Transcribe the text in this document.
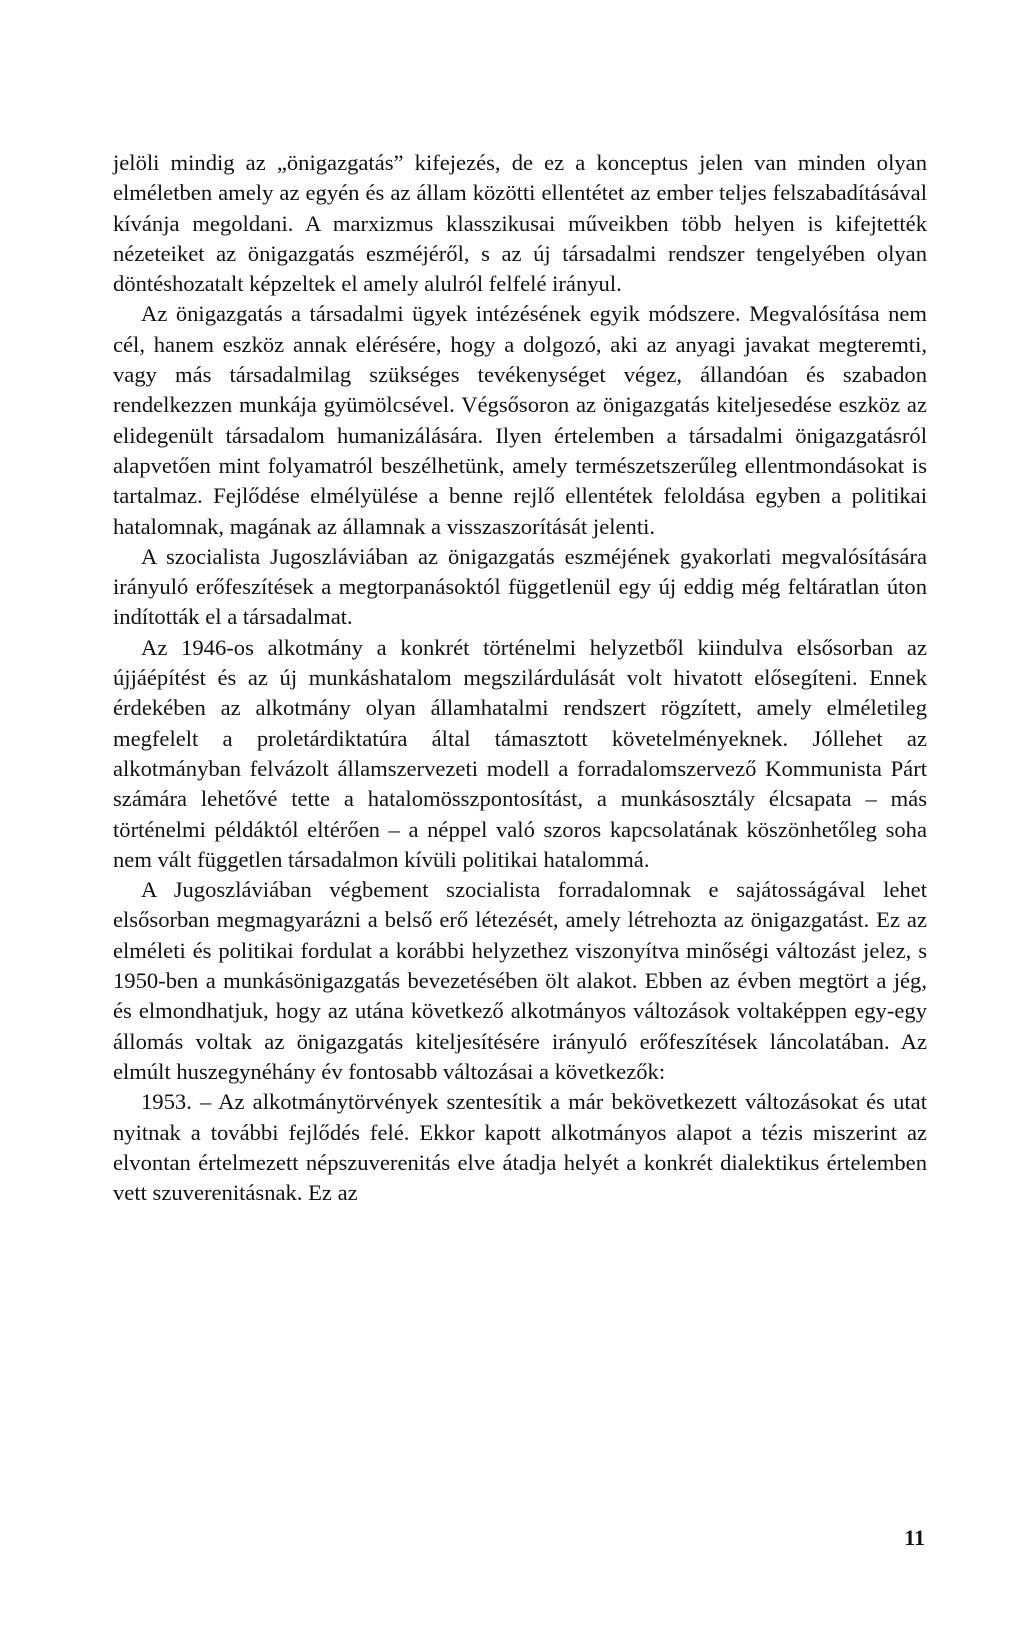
jelöli mindig az „önigazgatás” kifejezés, de ez a konceptus jelen van minden olyan elméletben amely az egyén és az állam közötti ellentétet az ember teljes felszabadításával kívánja megoldani. A marxizmus klasszikusai műveikben több helyen is kifejtették nézeteiket az önigazgatás eszméjéről, s az új társadalmi rendszer tengelyében olyan döntéshozatalt képzeltek el amely alulról felfelé irányul.

Az önigazgatás a társadalmi ügyek intézésének egyik módszere. Megvalósítása nem cél, hanem eszköz annak elérésére, hogy a dolgozó, aki az anyagi javakat megteremti, vagy más társadalmilag szükséges tevékenységet végez, állandóan és szabadon rendelkezzen munkája gyümölcsével. Végsősoron az önigazgatás kiteljesedése eszköz az elidegenült társadalom humanizálására. Ilyen értelemben a társadalmi önigazgatásról alapvetően mint folyamatról beszélhetünk, amely természetszerűleg ellentmondásokat is tartalmaz. Fejlődése elmélyülése a benne rejlő ellentétek feloldása egyben a politikai hatalomnak, magának az államnak a visszaszorítását jelenti.

A szocialista Jugoszláviában az önigazgatás eszméjének gyakorlati megvalósítására irányuló erőfeszítések a megtorpanásoktól függetlenül egy új eddig még feltáratlan úton indították el a társadalmat.

Az 1946-os alkotmány a konkrét történelmi helyzetből kiindulva elsősorban az újjáépítést és az új munkáshatalom megszilárdulását volt hivatott elősegíteni. Ennek érdekében az alkotmány olyan államhatalmi rendszert rögzített, amely elméletileg megfelelt a proletárdiktatúra által támasztott követelményeknek. Jóllehet az alkotmányban felvázolt államszervezeti modell a forradalomszervező Kommunista Párt számára lehetővé tette a hatalomösszpontosítást, a munkásosztály élcsapata – más történelmi példáktól eltérően – a néppel való szoros kapcsolatának köszönhetőleg soha nem vált független társadalmon kívüli politikai hatalommá.

A Jugoszláviában végbement szocialista forradalomnak e sajátosságával lehet elsősorban megmagyarázni a belső erő létezését, amely létrehozta az önigazgatást. Ez az elméleti és politikai fordulat a korábbi helyzethez viszonyítva minőségi változást jelez, s 1950-ben a munkásönigazgatás bevezetésében ölt alakot. Ebben az évben megtört a jég, és elmondhatjuk, hogy az utána következő alkotmányos változások voltaképpen egy-egy állomás voltak az önigazgatás kiteljesítésére irányuló erőfeszítések láncolatában. Az elmúlt huszegynéhány év fontosabb változásai a következők:

1953. – Az alkotmánytörvények szentesítik a már bekövetkezett változásokat és utat nyitnak a további fejlődés felé. Ekkor kapott alkotmányos alapot a tézis miszerint az elvontan értelmezett népszuverenitás elve átadja helyét a konkrét dialektikus értelemben vett szuverenitásnak. Ez az

11
